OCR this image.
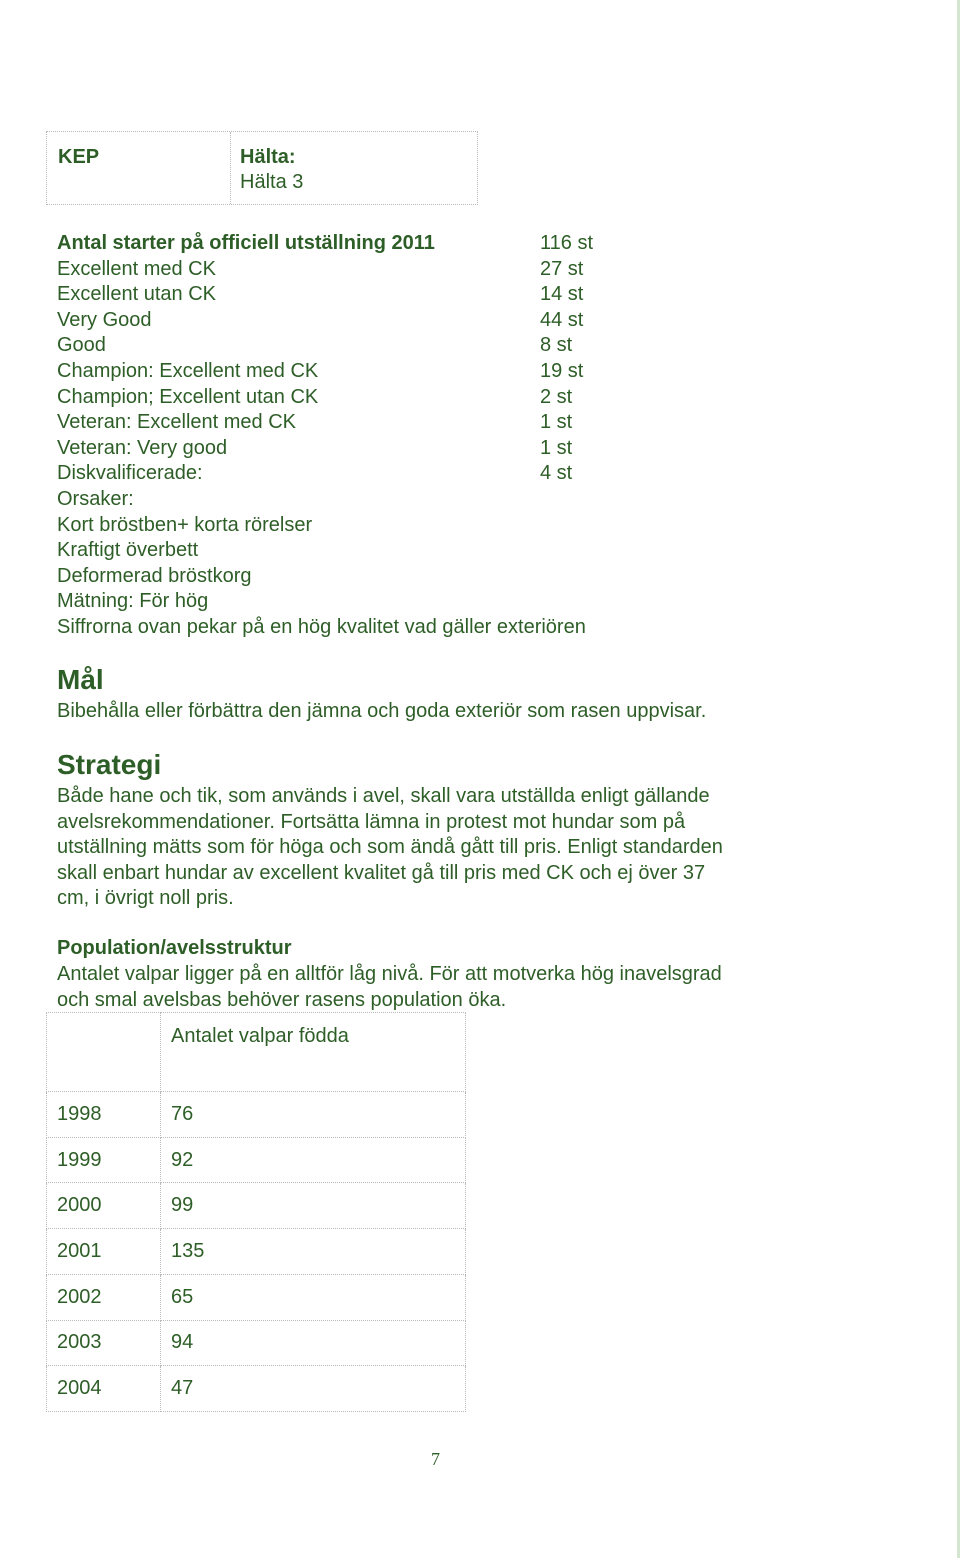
KEP	Hälta:
Hälta 3
Antal starter på officiell utställning 2011	116 st
Excellent med CK	27 st
Excellent utan CK	14 st
Very Good	44 st
Good	8 st
Champion: Excellent med CK	19 st
Champion; Excellent utan CK	2 st
Veteran: Excellent med CK	1 st
Veteran: Very good	1 st
Diskvalificerade:	4 st
Orsaker:
Kort bröstben+ korta rörelser
Kraftigt överbett
Deformerad bröstkorg
Mätning: För hög
Siffrorna ovan pekar på en hög kvalitet vad gäller exteriören
Mål
Bibehålla eller förbättra den jämna och goda exteriör som rasen uppvisar.
Strategi
Både hane och tik, som används i avel, skall vara utställda enligt gällande
avelsrekommendationer. Fortsätta lämna in protest mot hundar som på
utställning mätts som för höga och som ändå gått till pris. Enligt standarden
skall enbart hundar av excellent kvalitet gå till pris med CK och ej över 37
cm, i övrigt noll pris.
Population/avelsstruktur
Antalet valpar ligger på en alltför låg nivå. För att motverka hög inavelsgrad
och smal avelsbas behöver rasens population öka.
	Antalet valpar födda
1998	76
1999	92
2000	99
2001	135
2002	65
2003	94
2004	47
7
